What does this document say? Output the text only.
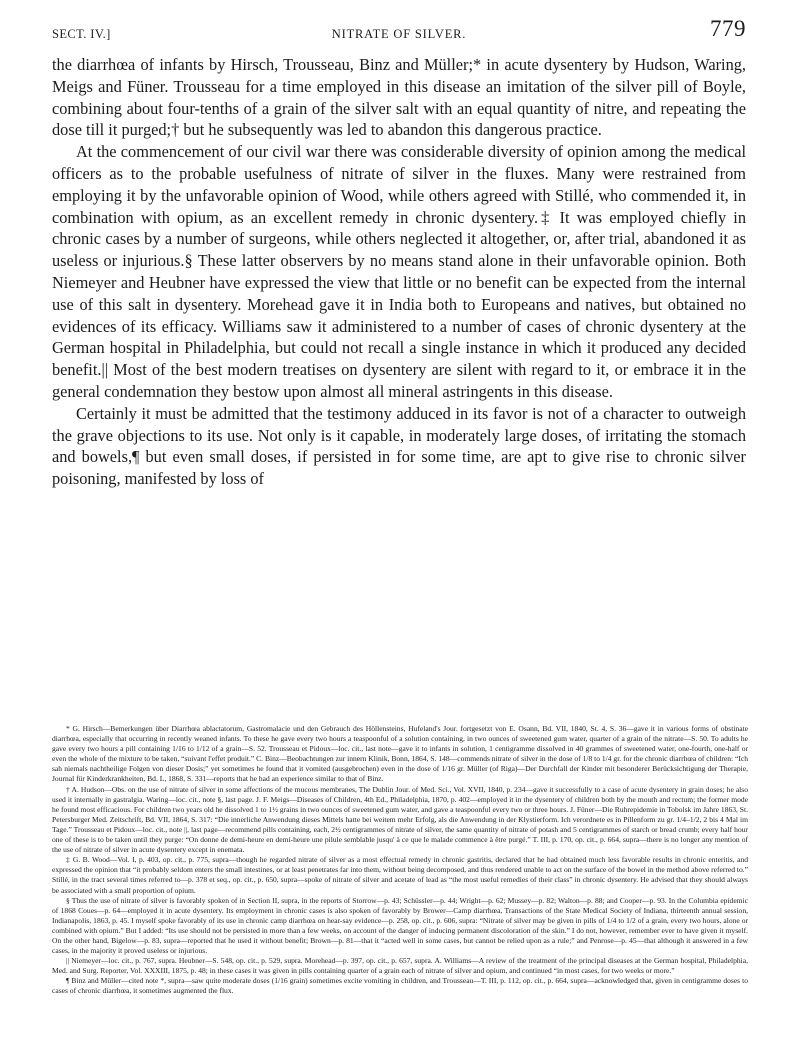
SECT. IV.]	NITRATE OF SILVER.	779

the diarrhœa of infants by Hirsch, Trousseau, Binz and Müller;* in acute dysentery by Hudson, Waring, Meigs and Füner. Trousseau for a time employed in this disease an imitation of the silver pill of Boyle, combining about four-tenths of a grain of the silver salt with an equal quantity of nitre, and repeating the dose till it purged;† but he subsequently was led to abandon this dangerous practice.

At the commencement of our civil war there was considerable diversity of opinion among the medical officers as to the probable usefulness of nitrate of silver in the fluxes. Many were restrained from employing it by the unfavorable opinion of Wood, while others agreed with Stillé, who commended it, in combination with opium, as an excellent remedy in chronic dysentery.‡ It was employed chiefly in chronic cases by a number of surgeons, while others neglected it altogether, or, after trial, abandoned it as useless or injurious.§ These latter observers by no means stand alone in their unfavorable opinion. Both Niemeyer and Heubner have expressed the view that little or no benefit can be expected from the internal use of this salt in dysentery. Morehead gave it in India both to Europeans and natives, but obtained no evidences of its efficacy. Williams saw it administered to a number of cases of chronic dysentery at the German hospital in Philadelphia, but could not recall a single instance in which it produced any decided benefit.|| Most of the best modern treatises on dysentery are silent with regard to it, or embrace it in the general condemnation they bestow upon almost all mineral astringents in this disease.

Certainly it must be admitted that the testimony adduced in its favor is not of a character to outweigh the grave objections to its use. Not only is it capable, in moderately large doses, of irritating the stomach and bowels,¶ but even small doses, if persisted in for some time, are apt to give rise to chronic silver poisoning, manifested by loss of

* G. Hirsch—Bemerkungen über Diarrhœa ablactatorum, Gastromalacie und den Gebrauch des Höllensteins, Hufeland's Jour. fortgesetzt von E. Osann, Bd. VII, 1840, St. 4, S. 36—gave it in various forms of obstinate diarrhœa, especially that occurring in recently weaned infants. To these he gave every two hours a teaspoonful of a solution containing, in two ounces of sweetened gum water, quarter of a grain of the nitrate—S. 50. To adults he gave every two hours a pill containing 1/16 to 1/12 of a grain—S. 52. Trousseau et Pidoux—loc. cit., last note—gave it to infants in solution, 1 centigramme dissolved in 40 grammes of sweetened water, one-fourth, one-half or even the whole of the mixture to be taken, “suivant l'effet produit.” C. Binz—Beobachtungen zur innern Klinik, Bonn, 1864, S. 148—commends nitrate of silver in the dose of 1/8 to 1/4 gr. for the chronic diarrhœa of children: “Ich sah niemals nachtheilige Folgen von dieser Dosis;” yet sometimes he found that it vomited (ausgebrochen) even in the dose of 1/16 gr. Müller (of Riga)—Der Durchfall der Kinder mit besonderer Berücksichtigung der Therapie, Journal für Kinderkrankheiten, Bd. L, 1868, S. 331—reports that he had an experience similar to that of Binz.

† A. Hudson—Obs. on the use of nitrate of silver in some affections of the mucous membranes, The Dublin Jour. of Med. Sci., Vol. XVII, 1840, p. 234—gave it successfully to a case of acute dysentery in grain doses; he also used it internally in gastralgia. Waring—loc. cit., note §, last page. J. F. Meigs—Diseases of Children, 4th Ed., Philadelphia, 1870, p. 402—employed it in the dysentery of children both by the mouth and rectum; the former mode he found most efficacious. For children two years old he dissolved 1 to 1½ grains in two ounces of sweetened gum water, and gave a teaspoonful every two or three hours. J. Füner—Die Ruhrepidemie in Tobolsk im Jahre 1863, St. Petersburger Med. Zeitschrift, Bd. VII, 1864, S. 317: “Die innerliche Anwendung dieses Mittels hatte bei weitem mehr Erfolg, als die Anwendung in der Klystierform. Ich verordnete es in Pillenform zu gr. 1/4–1/2, 2 bis 4 Mal im Tage.” Trousseau et Pidoux—loc. cit., note ||, last page—recommend pills containing, each, 2½ centigrammes of nitrate of silver, the same quantity of nitrate of potash and 5 centigrammes of starch or bread crumb; every half hour one of these is to be taken until they purge: “On donne de demi-heure en demi-heure une pilule semblable jusqu' à ce que le malade commence à être purgé.” T. III, p. 170, op. cit., p. 664, supra—there is no longer any mention of the use of nitrate of silver in acute dysentery except in enemata.

‡ G. B. Wood—Vol. I, p. 403, op. cit., p. 775, supra—though he regarded nitrate of silver as a most effectual remedy in chronic gastritis, declared that he had obtained much less favorable results in chronic enteritis, and expressed the opinion that “it probably seldom enters the small intestines, or at least penetrates far into them, without being decomposed, and thus rendered unable to act on the surface of the bowel in the method above referred to.” Stillé, in the tract several times referred to—p. 378 et seq., op. cit., p. 650, supra—spoke of nitrate of silver and acetate of lead as “the most useful remedies of their class” in chronic dysentery. He advised that they should always be associated with a small proportion of opium.

§ Thus the use of nitrate of silver is favorably spoken of in Section II, supra, in the reports of Storrow—p. 43; Schüssler—p. 44; Wright—p. 62; Mussey—p. 82; Walton—p. 88; and Cooper—p. 93. In the Columbia epidemic of 1868 Coues—p. 64—employed it in acute dysentery. Its employment in chronic cases is also spoken of favorably by Brower—Camp diarrhœa, Transactions of the State Medical Society of Indiana, thirteenth annual session, Indianapolis, 1863, p. 45. I myself spoke favorably of its use in chronic camp diarrhœa on hear-say evidence—p. 258, op. cit., p. 606, supra: “Nitrate of silver may be given in pills of 1/4 to 1/2 of a grain, every two hours, alone or combined with opium.” But I added: “Its use should not be persisted in more than a few weeks, on account of the danger of inducing permanent discoloration of the skin.” I do not, however, remember ever to have given it myself. On the other hand, Bigelow—p. 83, supra—reported that he used it without benefit; Brown—p. 81—that it “acted well in some cases, but cannot be relied upon as a rule;” and Penrose—p. 45—that although it answered in a few cases, in the majority it proved useless or injurious.

|| Niemeyer—loc. cit., p. 767, supra. Heubner—S. 548, op. cit., p. 529, supra. Morehead—p. 397, op. cit., p. 657, supra. A. Williams—A review of the treatment of the principal diseases at the German hospital, Philadelphia, Med. and Surg. Reporter, Vol. XXXIII, 1875, p. 48; in these cases it was given in pills containing quarter of a grain each of nitrate of silver and opium, and continued “in most cases, for two weeks or more.”

¶ Binz and Müller—cited note *, supra—saw quite moderate doses (1/16 grain) sometimes excite vomiting in children, and Trousseau—T. III, p. 112, op. cit., p. 664, supra—acknowledged that, given in centigramme doses to cases of chronic diarrhœa, it sometimes augmented the flux.
